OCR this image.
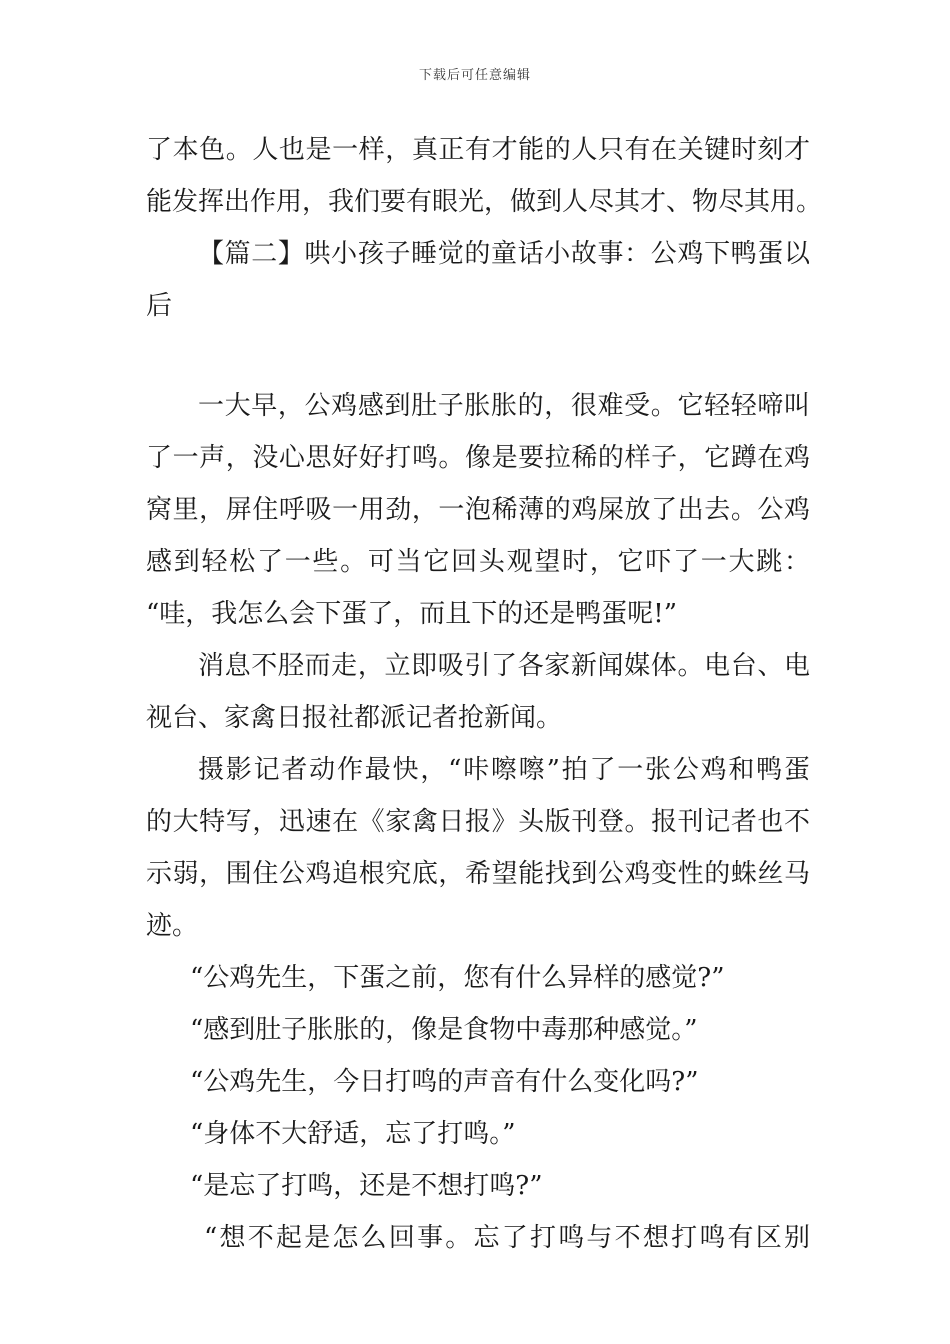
下载后可任意编辑
了本色。人也是一样，真正有才能的人只有在关键时刻才
能发挥出作用，我们要有眼光，做到人尽其才、物尽其用。
【篇二】哄小孩子睡觉的童话小故事：公鸡下鸭蛋以
后
一大早，公鸡感到肚子胀胀的，很难受。它轻轻啼叫
了一声，没心思好好打鸣。像是要拉稀的样子，它蹲在鸡
窝里，屏住呼吸一用劲，一泡稀薄的鸡屎放了出去。公鸡
感到轻松了一些。可当它回头观望时，它吓了一大跳：
“哇，我怎么会下蛋了，而且下的还是鸭蛋呢!”
消息不胫而走，立即吸引了各家新闻媒体。电台、电
视台、家禽日报社都派记者抢新闻。
摄影记者动作最快，“咔嚓嚓”拍了一张公鸡和鸭蛋
的大特写，迅速在《家禽日报》头版刊登。报刊记者也不
示弱，围住公鸡追根究底，希望能找到公鸡变性的蛛丝马
迹。
“公鸡先生，下蛋之前，您有什么异样的感觉?”
“感到肚子胀胀的，像是食物中毒那种感觉。”
“公鸡先生，今日打鸣的声音有什么变化吗?”
“身体不大舒适，忘了打鸣。”
“是忘了打鸣，还是不想打鸣?”
“想不起是怎么回事。忘了打鸣与不想打鸣有区别
